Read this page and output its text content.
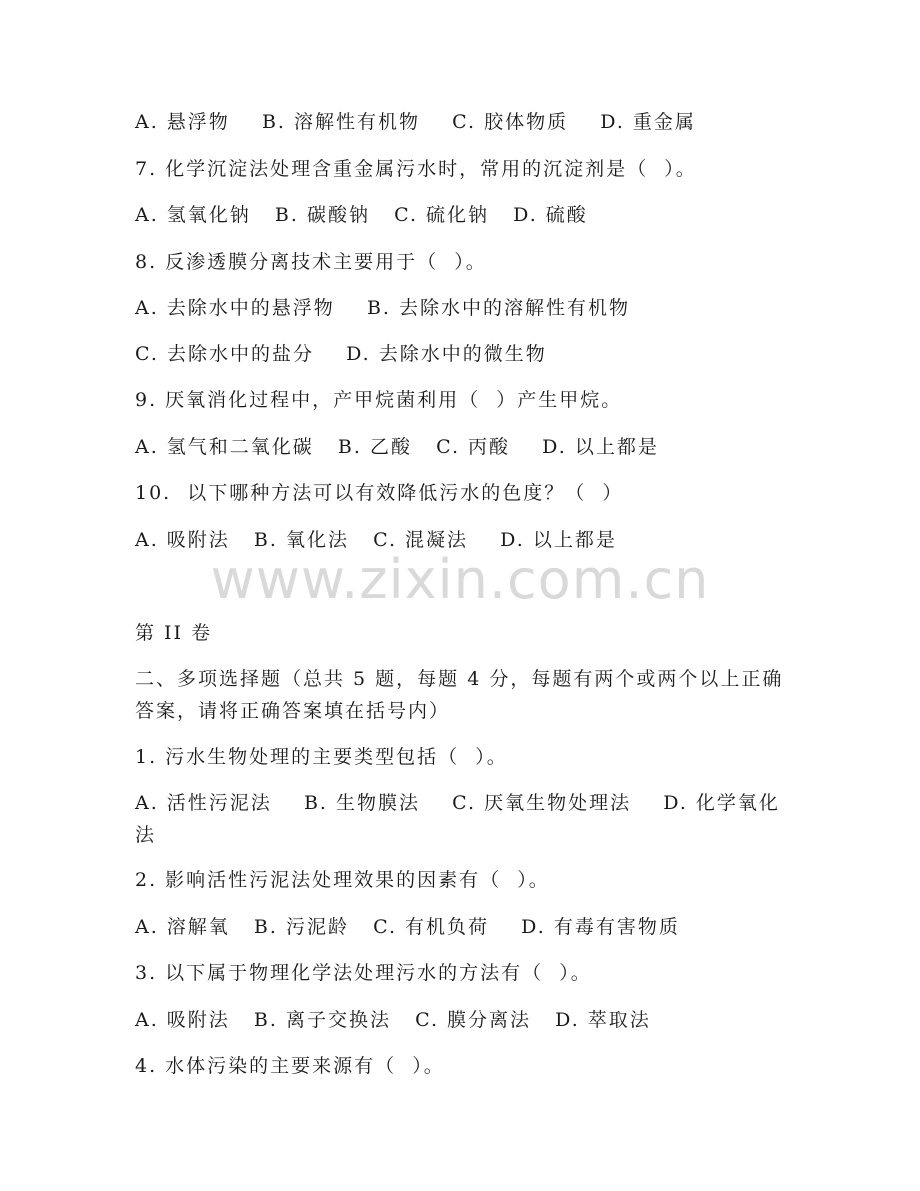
A. 悬浮物    B. 溶解性有机物    C. 胶体物质    D. 重金属
7. 化学沉淀法处理含重金属污水时，常用的沉淀剂是（  ）。
A. 氢氧化钠   B. 碳酸钠   C. 硫化钠   D. 硫酸
8. 反渗透膜分离技术主要用于（  ）。
A. 去除水中的悬浮物    B. 去除水中的溶解性有机物
C. 去除水中的盐分    D. 去除水中的微生物
9. 厌氧消化过程中，产甲烷菌利用（  ）产生甲烷。
A. 氢气和二氧化碳   B. 乙酸   C. 丙酸    D. 以上都是
10.  以下哪种方法可以有效降低污水的色度？（  ）
A. 吸附法   B. 氧化法   C. 混凝法    D. 以上都是
www.zixin.com.cn
第 II 卷
二、多项选择题（总共 5 题，每题 4 分，每题有两个或两个以上正确答案，请将正确答案填在括号内）
1. 污水生物处理的主要类型包括（  ）。
A. 活性污泥法    B. 生物膜法    C. 厌氧生物处理法    D. 化学氧化法
2. 影响活性污泥法处理效果的因素有（  ）。
A. 溶解氧   B. 污泥龄   C. 有机负荷    D. 有毒有害物质
3. 以下属于物理化学法处理污水的方法有（  ）。
A. 吸附法   B. 离子交换法   C. 膜分离法   D. 萃取法
4. 水体污染的主要来源有（  ）。
